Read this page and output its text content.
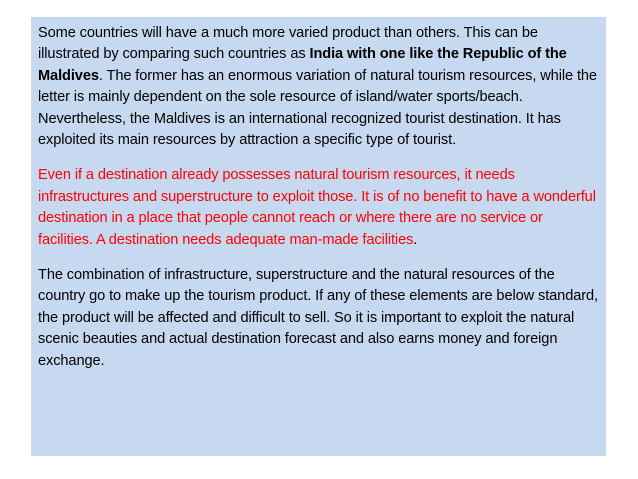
Some countries will have a much more varied product than others. This can be illustrated by comparing such countries as India with one like the Republic of the Maldives. The former has an enormous variation of natural tourism resources, while the letter is mainly dependent on the sole resource of island/water sports/beach. Nevertheless, the Maldives is an international recognized tourist destination. It has exploited its main resources by attraction a specific type of tourist.

Even if a destination already possesses natural tourism resources, it needs infrastructures and superstructure to exploit those. It is of no benefit to have a wonderful destination in a place that people cannot reach or where there are no service or facilities. A destination needs adequate man-made facilities.

The combination of infrastructure, superstructure and the natural resources of the country go to make up the tourism product. If any of these elements are below standard, the product will be affected and difficult to sell. So it is important to exploit the natural scenic beauties and actual destination forecast and also earns money and foreign exchange.
